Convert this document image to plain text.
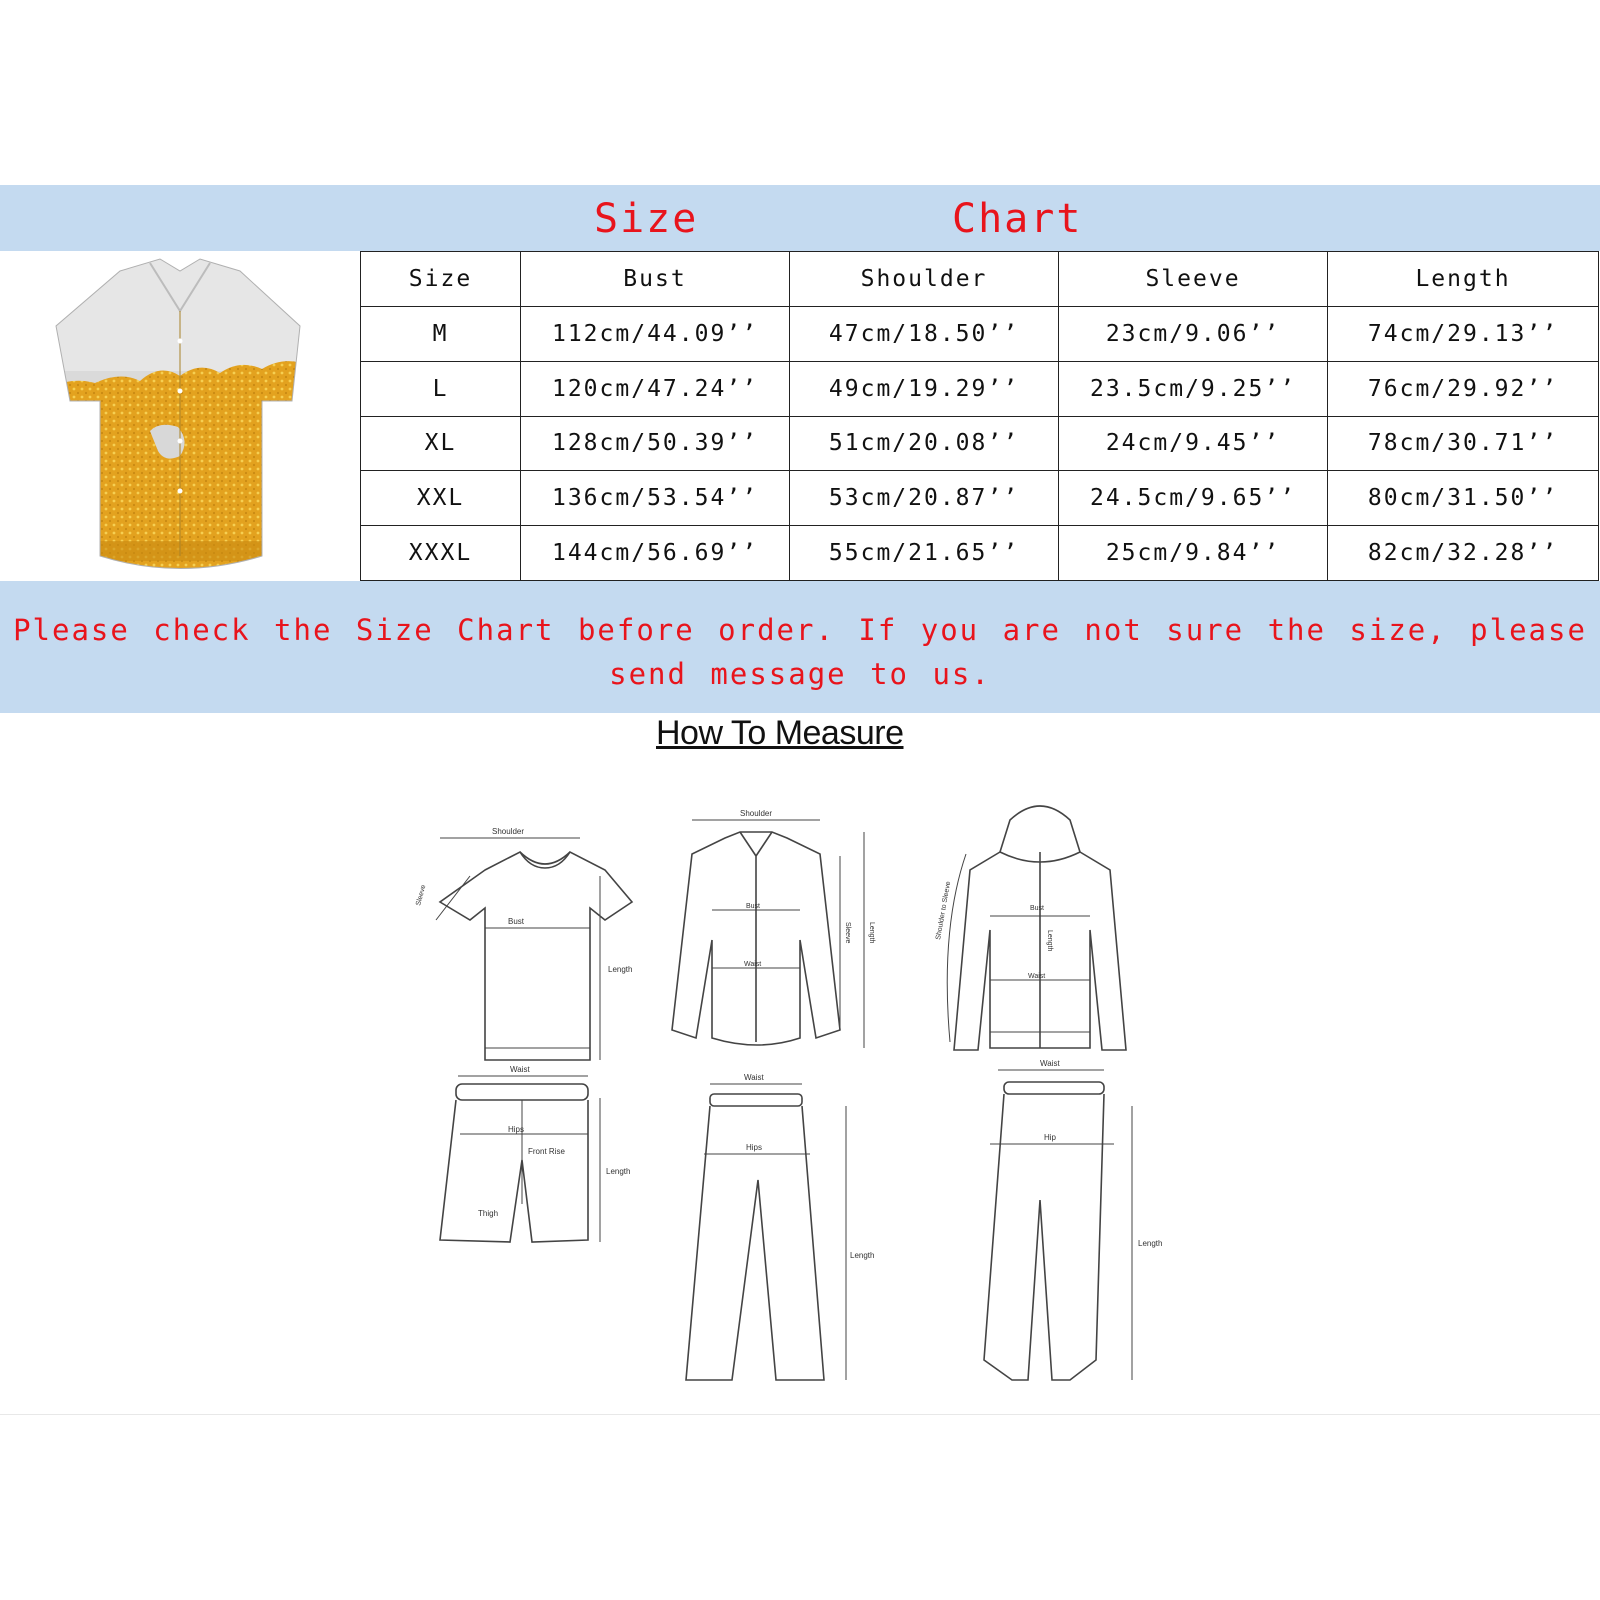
Size	Chart
Size	Bust	Shoulder	Sleeve	Length
M	112cm/44.09’’	47cm/18.50’’	23cm/9.06’’	74cm/29.13’’
L	120cm/47.24’’	49cm/19.29’’	23.5cm/9.25’’	76cm/29.92’’
XL	128cm/50.39’’	51cm/20.08’’	24cm/9.45’’	78cm/30.71’’
XXL	136cm/53.54’’	53cm/20.87’’	24.5cm/9.65’’	80cm/31.50’’
XXXL	144cm/56.69’’	55cm/21.65’’	25cm/9.84’’	82cm/32.28’’
Please check the Size Chart before order. If you are not sure the size, please
send message to us.
How To Measure
Shoulder
Bust
Length
Sleeve
Waist
Hips
Front Rise
Thigh
Length
Shoulder
Bust
Waist
Sleeve Length
Waist
Hips
Length
Shoulder to Sleeve	Bust
Length
Waist
Waist
Hip
Length
